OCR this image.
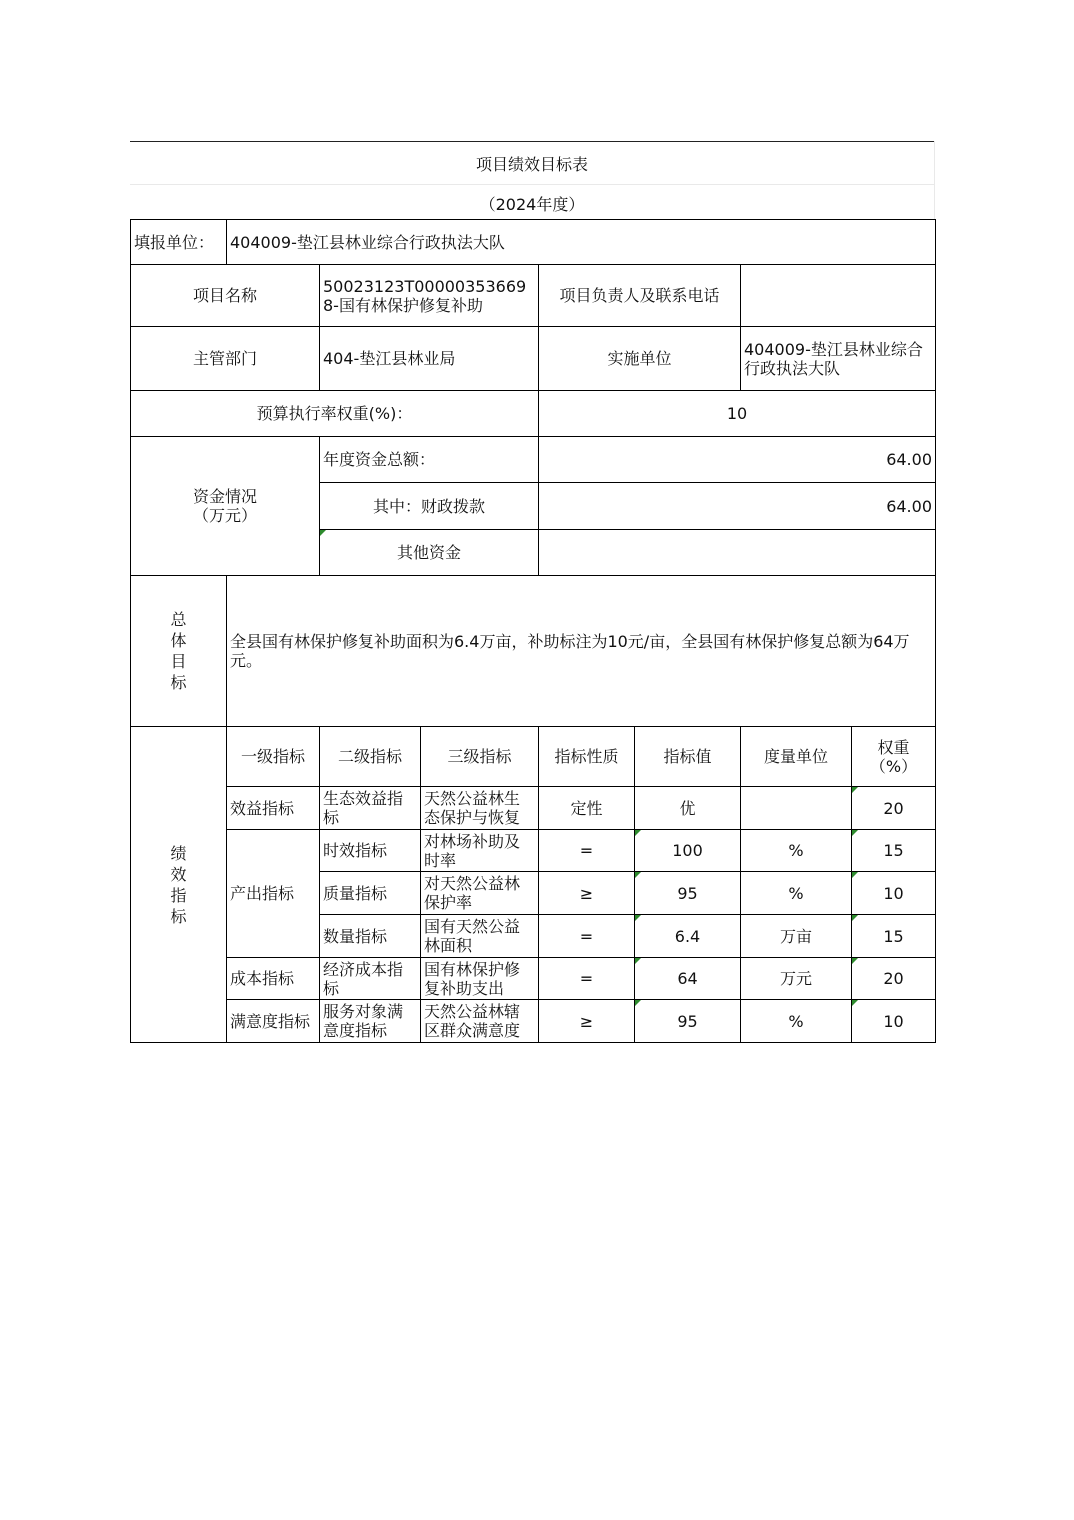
项目绩效目标表
（2024年度）
填报单位：	404009-垫江县林业综合行政执法大队						
项目名称		50023123T000003536698-国有林保护修复补助		项目负责人及联系电话			
主管部门		404-垫江县林业局		实施单位		404009-垫江县林业综合行政执法大队	
预算执行率权重(%)：				10			
资金情况（万元）		年度资金总额：		64.00			
		其中：财政拨款		64.00			
		其他资金					
总体目标	全县国有林保护修复补助面积为6.4万亩，补助标注为10元/亩，全县国有林保护修复总额为64万元。						
绩效指标	一级指标	二级指标	三级指标	指标性质	指标值	度量单位	权重（%）
	效益指标	生态效益指标	天然公益林生态保护与恢复	定性	优		20
	产出指标	时效指标	对林场补助及时率	=	100	%	15
		质量指标	对天然公益林保护率	≥	95	%	10
		数量指标	国有天然公益林面积	=	6.4	万亩	15
	成本指标	经济成本指标	国有林保护修复补助支出	=	64	万元	20
	满意度指标	服务对象满意度指标	天然公益林辖区群众满意度	≥	95	%	10
